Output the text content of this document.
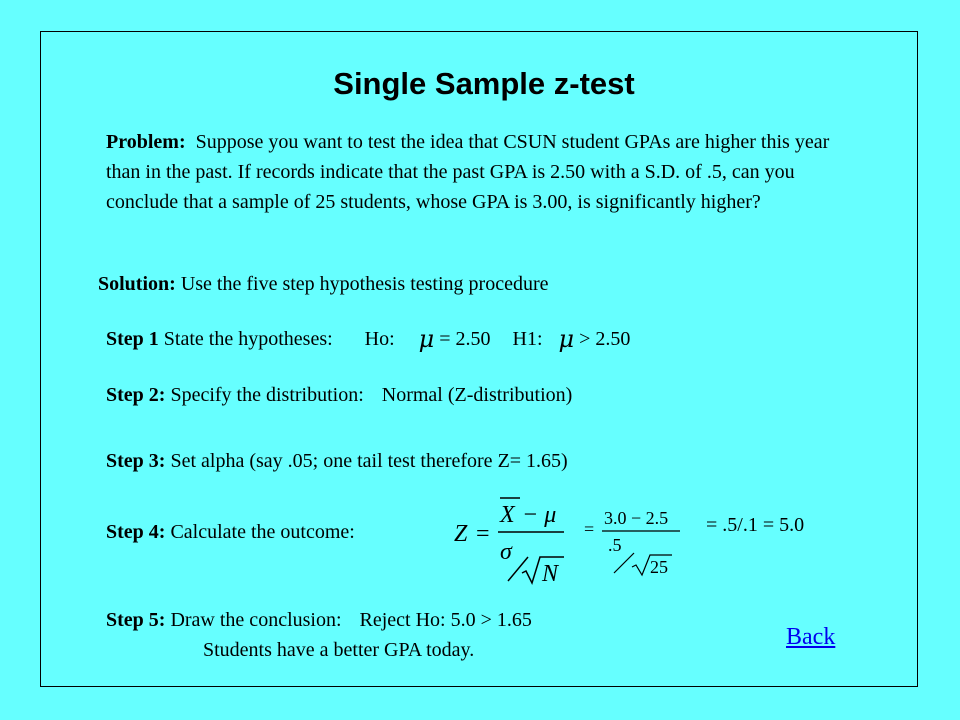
Single Sample z-test
Problem: Suppose you want to test the idea that CSUN student GPAs are higher this year than in the past. If records indicate that the past GPA is 2.50 with a S.D. of .5, can you conclude that a sample of 25 students, whose GPA is 3.00, is significantly higher?
Solution: Use the five step hypothesis testing procedure
Step 1 State the hypotheses: Ho: μ = 2.50 H1: μ > 2.50
Step 2: Specify the distribution: Normal (Z-distribution)
Step 3: Set alpha (say .05; one tail test therefore Z= 1.65)
Step 4: Calculate the outcome:	Z =
X − μ
σ
N
=
3.0 − 2.5
.5
25
= .5/.1 = 5.0
Step 5: Draw the conclusion: Reject Ho: 5.0 > 1.65
Students have a better GPA today.	Back
